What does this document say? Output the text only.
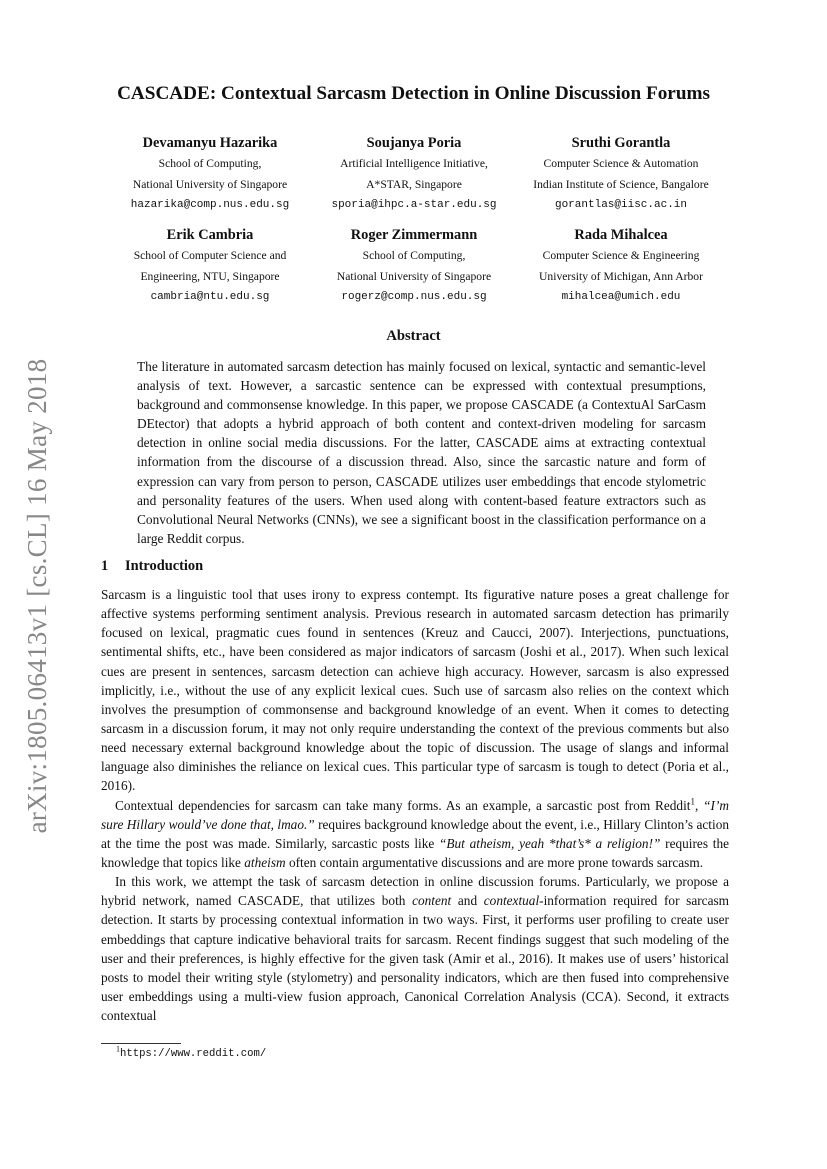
arXiv:1805.06413v1 [cs.CL] 16 May 2018
CASCADE: Contextual Sarcasm Detection in Online Discussion Forums
Devamanyu Hazarika
School of Computing,
National University of Singapore
hazarika@comp.nus.edu.sg
Soujanya Poria
Artificial Intelligence Initiative,
A*STAR, Singapore
sporia@ihpc.a-star.edu.sg
Sruthi Gorantla
Computer Science & Automation
Indian Institute of Science, Bangalore
gorantlas@iisc.ac.in
Erik Cambria
School of Computer Science and
Engineering, NTU, Singapore
cambria@ntu.edu.sg
Roger Zimmermann
School of Computing,
National University of Singapore
rogerz@comp.nus.edu.sg
Rada Mihalcea
Computer Science & Engineering
University of Michigan, Ann Arbor
mihalcea@umich.edu
Abstract

The literature in automated sarcasm detection has mainly focused on lexical, syntactic and semantic-level analysis of text. However, a sarcastic sentence can be expressed with contextual presumptions, background and commonsense knowledge. In this paper, we propose CASCADE (a ContextuAl SarCasm DEtector) that adopts a hybrid approach of both content and context-driven modeling for sarcasm detection in online social media discussions. For the latter, CASCADE aims at extracting contextual information from the discourse of a discussion thread. Also, since the sarcastic nature and form of expression can vary from person to person, CASCADE utilizes user embeddings that encode stylometric and personality features of the users. When used along with content-based feature extractors such as Convolutional Neural Networks (CNNs), we see a significant boost in the classification performance on a large Reddit corpus.

1 Introduction

Sarcasm is a linguistic tool that uses irony to express contempt. Its figurative nature poses a great challenge for affective systems performing sentiment analysis. Previous research in automated sarcasm detection has primarily focused on lexical, pragmatic cues found in sentences (Kreuz and Caucci, 2007). Interjections, punctuations, sentimental shifts, etc., have been considered as major indicators of sarcasm (Joshi et al., 2017). When such lexical cues are present in sentences, sarcasm detection can achieve high accuracy. However, sarcasm is also expressed implicitly, i.e., without the use of any explicit lexical cues. Such use of sarcasm also relies on the context which involves the presumption of commonsense and background knowledge of an event. When it comes to detecting sarcasm in a discussion forum, it may not only require understanding the context of the previous comments but also need necessary external background knowledge about the topic of discussion. The usage of slangs and informal language also diminishes the reliance on lexical cues. This particular type of sarcasm is tough to detect (Poria et al., 2016).

Contextual dependencies for sarcasm can take many forms. As an example, a sarcastic post from Reddit$^1$, “I’m sure Hillary would’ve done that, lmao.” requires background knowledge about the event, i.e., Hillary Clinton’s action at the time the post was made. Similarly, sarcastic posts like “But atheism, yeah *that’s* a religion!” requires the knowledge that topics like atheism often contain argumentative discussions and are more prone towards sarcasm.

In this work, we attempt the task of sarcasm detection in online discussion forums. Particularly, we propose a hybrid network, named CASCADE, that utilizes both content and contextual-information required for sarcasm detection. It starts by processing contextual information in two ways. First, it performs user profiling to create user embeddings that capture indicative behavioral traits for sarcasm. Recent findings suggest that such modeling of the user and their preferences, is highly effective for the given task (Amir et al., 2016). It makes use of users’ historical posts to model their writing style (stylometry) and personality indicators, which are then fused into comprehensive user embeddings using a multi-view fusion approach, Canonical Correlation Analysis (CCA). Second, it extracts contextual

$^1$https://www.reddit.com/
